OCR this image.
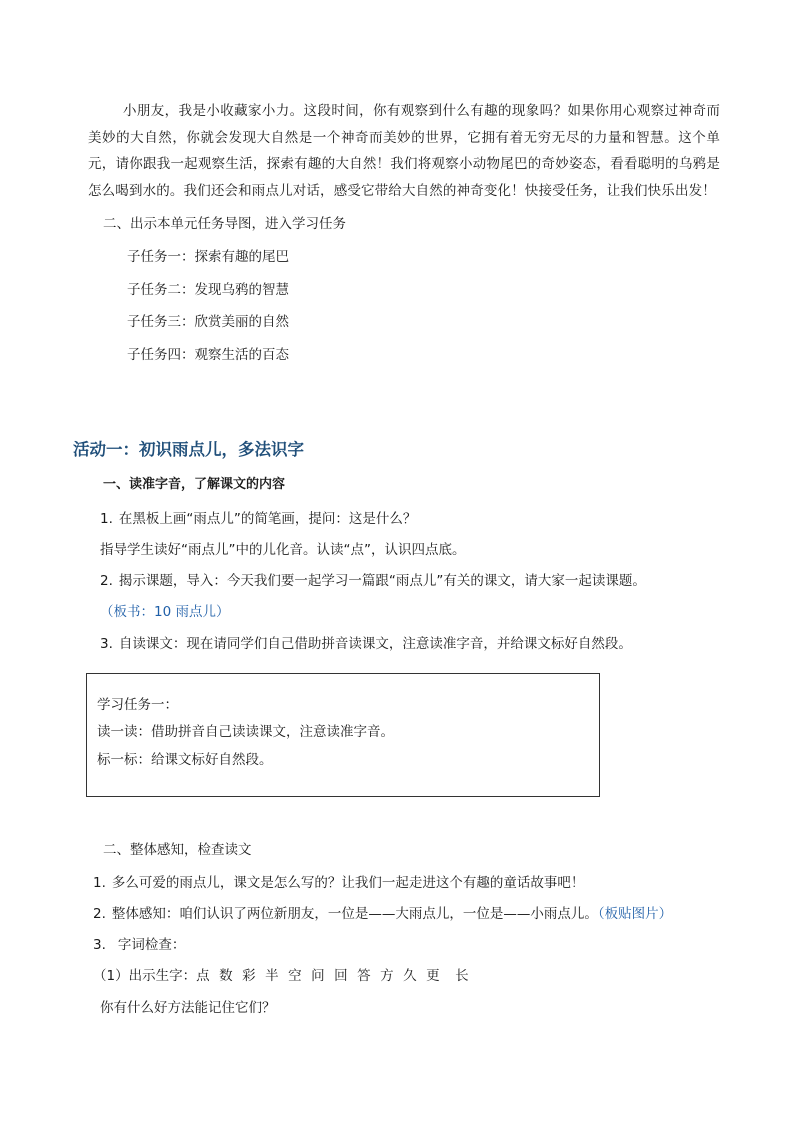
小朋友，我是小收藏家小力。这段时间，你有观察到什么有趣的现象吗？如果你用心观察过神奇而美妙的大自然，你就会发现大自然是一个神奇而美妙的世界，它拥有着无穷无尽的力量和智慧。这个单元，请你跟我一起观察生活，探索有趣的大自然！我们将观察小动物尾巴的奇妙姿态，看看聪明的乌鸦是怎么喝到水的。我们还会和雨点儿对话，感受它带给大自然的神奇变化！快接受任务，让我们快乐出发！

二、出示本单元任务导图，进入学习任务
子任务一：探索有趣的尾巴
子任务二：发现乌鸦的智慧
子任务三：欣赏美丽的自然
子任务四：观察生活的百态
活动一：初识雨点儿，多法识字
一、读准字音，了解课文的内容
1. 在黑板上画“雨点儿”的简笔画，提问：这是什么？
指导学生读好“雨点儿”中的儿化音。认读“点”，认识四点底。
2. 揭示课题，导入：今天我们要一起学习一篇跟“雨点儿”有关的课文，请大家一起读课题。
（板书：10 雨点儿）
3. 自读课文：现在请同学们自己借助拼音读课文，注意读准字音，并给课文标好自然段。
学习任务一：
读一读：借助拼音自己读读课文，注意读准字音。
标一标：给课文标好自然段。
二、整体感知，检查读文
1. 多么可爱的雨点儿，课文是怎么写的？让我们一起走进这个有趣的童话故事吧！
2. 整体感知：咱们认识了两位新朋友，一位是——大雨点儿，一位是——小雨点儿。（板贴图片）
3. 字词检查：
（1）出示生字：点 数 彩 半 空 问 回 答 方 久 更 长
你有什么好方法能记住它们？
